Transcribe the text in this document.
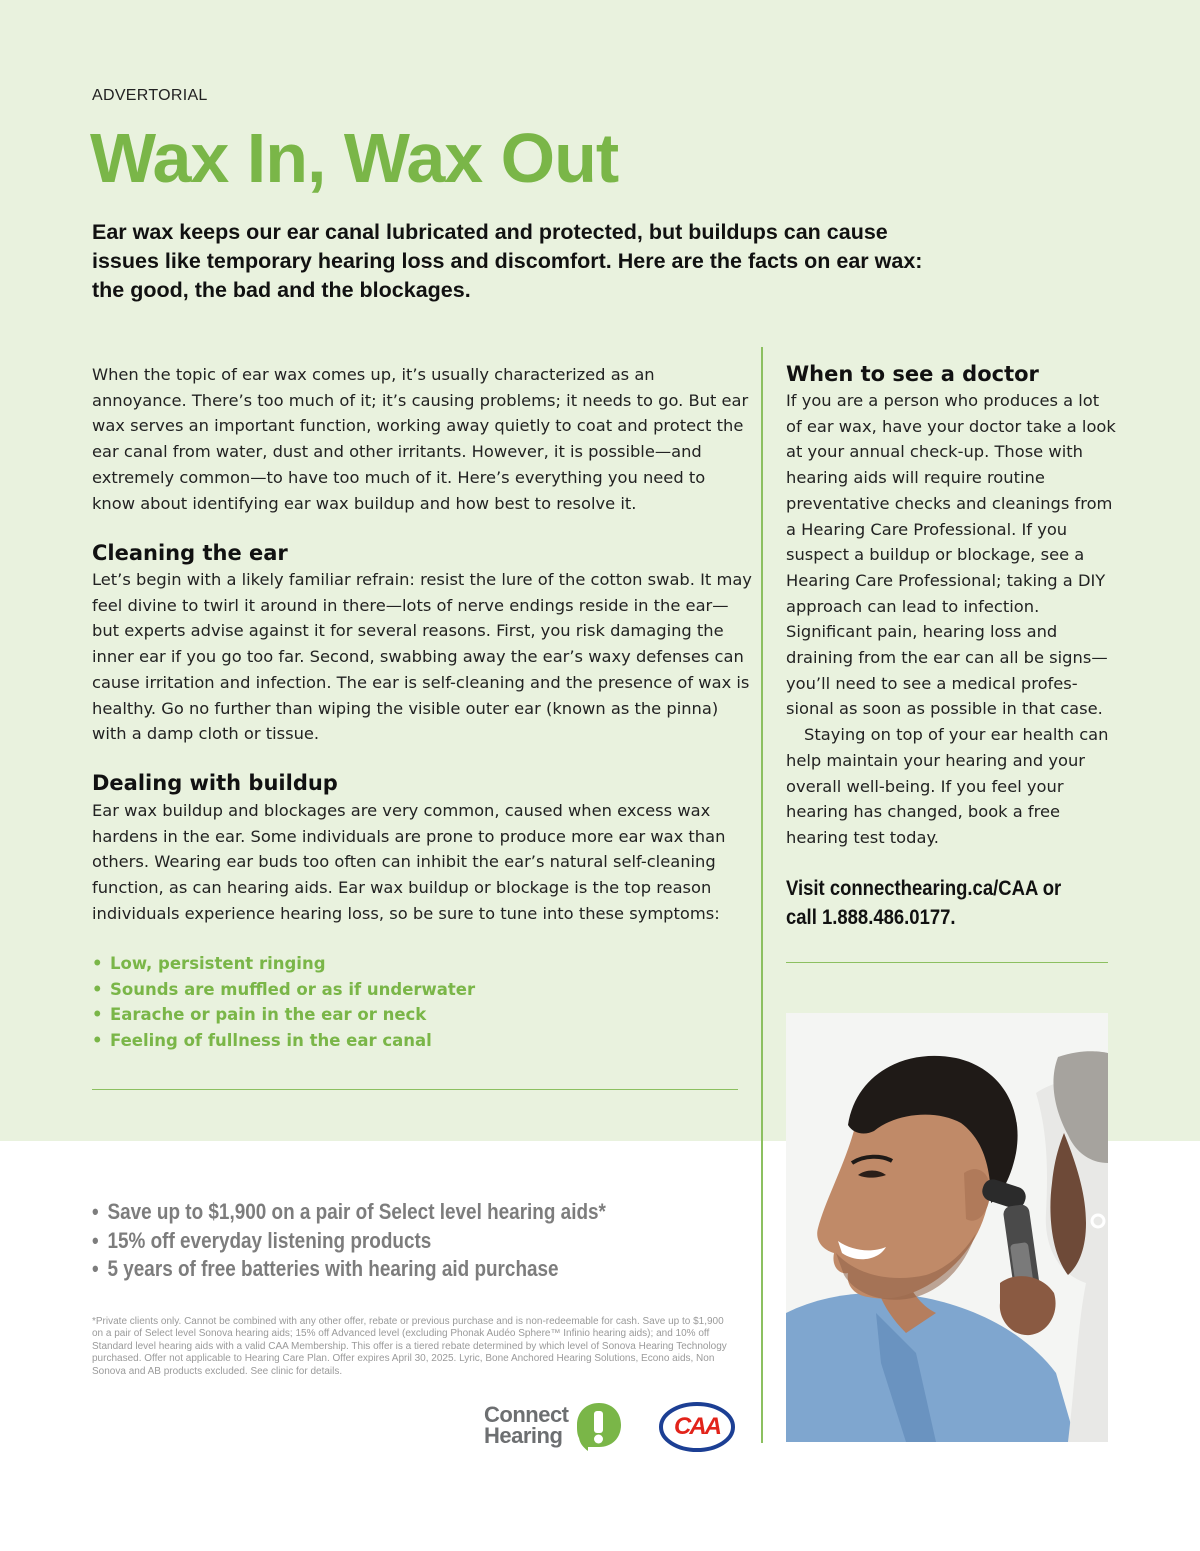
ADVERTORIAL
Wax In, Wax Out

Ear wax keeps our ear canal lubricated and protected, but buildups can cause issues like temporary hearing loss and discomfort. Here are the facts on ear wax: the good, the bad and the blockages.

When the topic of ear wax comes up, it’s usually characterized as an annoyance. There’s too much of it; it’s causing problems; it needs to go. But ear wax serves an important function, working away quietly to coat and protect the ear canal from water, dust and other irritants. However, it is possible—and extremely common—to have too much of it. Here’s everything you need to know about identifying ear wax buildup and how best to resolve it.

Cleaning the ear

Let’s begin with a likely familiar refrain: resist the lure of the cotton swab. It may feel divine to twirl it around in there—lots of nerve endings reside in the ear—but experts advise against it for several reasons. First, you risk damaging the inner ear if you go too far. Second, swabbing away the ear’s waxy defenses can cause irritation and infection. The ear is self-cleaning and the presence of wax is healthy. Go no further than wiping the visible outer ear (known as the pinna) with a damp cloth or tissue.

Dealing with buildup

Ear wax buildup and blockages are very common, caused when excess wax hardens in the ear. Some individuals are prone to produce more ear wax than others. Wearing ear buds too often can inhibit the ear’s natural self-cleaning function, as can hearing aids. Ear wax buildup or blockage is the top reason individuals experience hearing loss, so be sure to tune into these symptoms:

• Low, persistent ringing
• Sounds are muffled or as if underwater
• Earache or pain in the ear or neck
• Feeling of fullness in the ear canal
When to see a doctor

If you are a person who produces a lot of ear wax, have your doctor take a look at your annual check-up. Those with hearing aids will require routine preventative checks and cleanings from a Hearing Care Professional. If you suspect a buildup or blockage, see a Hearing Care Professional; taking a DIY approach can lead to infection. Significant pain, hearing loss and draining from the ear can all be signs—you’ll need to see a medical profes-sional as soon as possible in that case.

Staying on top of your ear health can help maintain your hearing and your overall well-being. If you feel your hearing has changed, book a free hearing test today.

Visit connecthearing.ca/CAA or
call 1.888.486.0177.
• Save up to $1,900 on a pair of Select level hearing aids*
• 15% off everyday listening products
• 5 years of free batteries with hearing aid purchase

*Private clients only. Cannot be combined with any other offer, rebate or previous purchase and is non-redeemable for cash. Save up to $1,900 on a pair of Select level Sonova hearing aids; 15% off Advanced level (excluding Phonak Audéo Sphere™ Infinio hearing aids); and 10% off Standard level hearing aids with a valid CAA Membership. This offer is a tiered rebate determined by which level of Sonova Hearing Technology purchased. Offer not applicable to Hearing Care Plan. Offer expires April 30, 2025. Lyric, Bone Anchored Hearing Solutions, Econo aids, Non Sonova and AB products excluded. See clinic for details.

Connect
Hearing	CAA
